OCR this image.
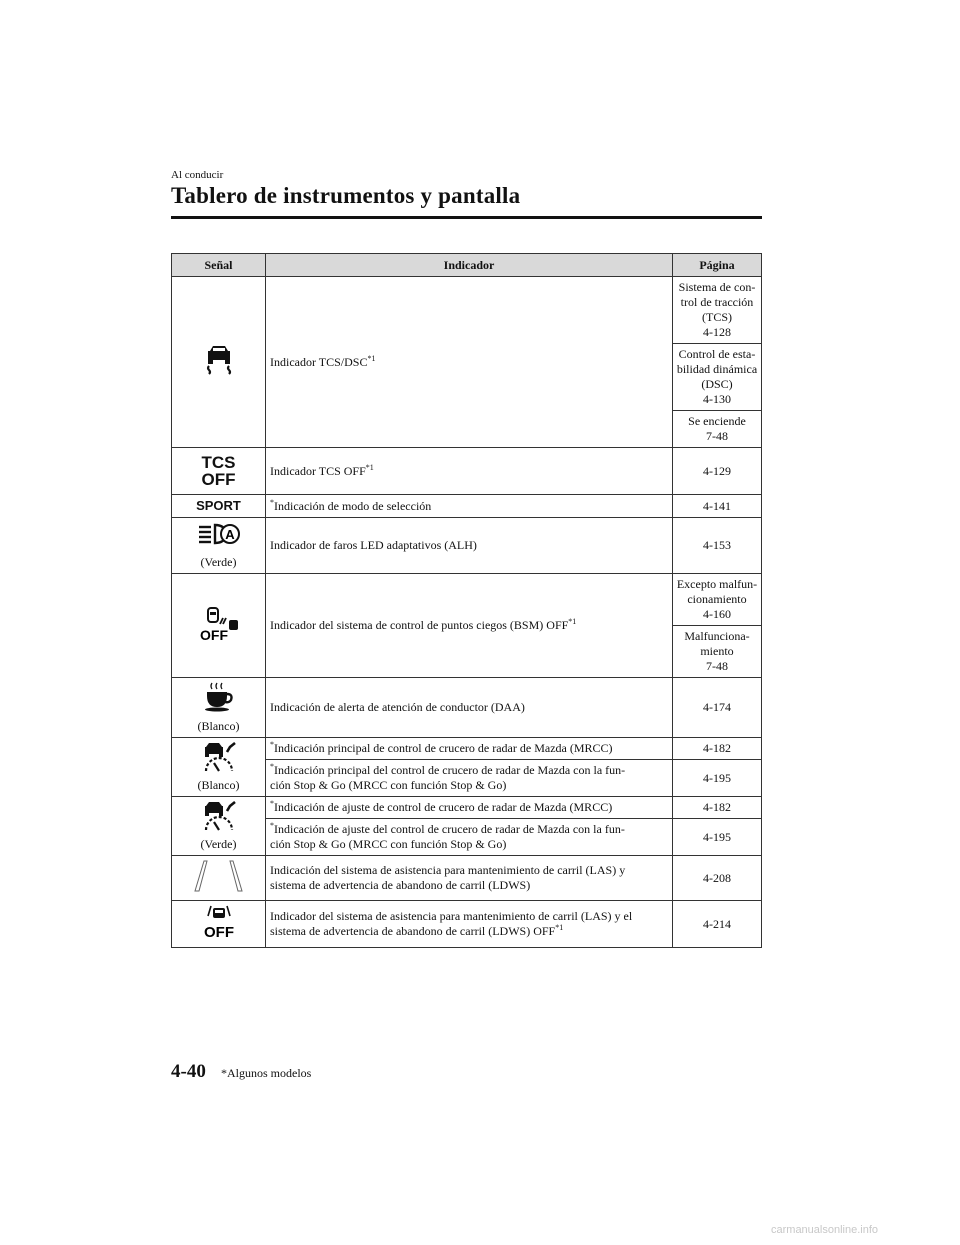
Al conducir
Tablero de instrumentos y pantalla
Señal	Indicador	Página

	Indicador TCS/DSC$^{*1}$	Sistema de con-
trol de tracción
(TCS)
4-128

		Control de esta-
bilidad dinámica
(DSC)
4-130

		Se enciende
7-48

TCS
OFF	Indicador TCS OFF$^{*1}$	4-129
SPORT	*Indicación de modo de selección	4-141

A
(Verde)	Indicador de faros LED adaptativos (ALH)	4-153

OFF	Indicador del sistema de control de puntos ciegos (BSM) OFF$^{*1}$	Excepto malfun-
cionamiento
4-160

		Malfunciona-
miento
7-48

(Blanco)	Indicación de alerta de atención de conductor (DAA)	4-174

(Blanco)	*Indicación principal de control de crucero de radar de Mazda (MRCC)	4-182
	*Indicación principal del control de crucero de radar de Mazda con la fun-
ción Stop & Go (MRCC con función Stop & Go)	4-195

(Verde)	*Indicación de ajuste de control de crucero de radar de Mazda (MRCC)	4-182
	*Indicación de ajuste del control de crucero de radar de Mazda con la fun-
ción Stop & Go (MRCC con función Stop & Go)	4-195

	Indicación del sistema de asistencia para mantenimiento de carril (LAS) y
sistema de advertencia de abandono de carril (LDWS)	4-208

OFF	Indicador del sistema de asistencia para mantenimiento de carril (LAS) y el
sistema de advertencia de abandono de carril (LDWS) OFF$^{*1}$	4-214
4-40 *Algunos modelos
carmanualsonline.info
